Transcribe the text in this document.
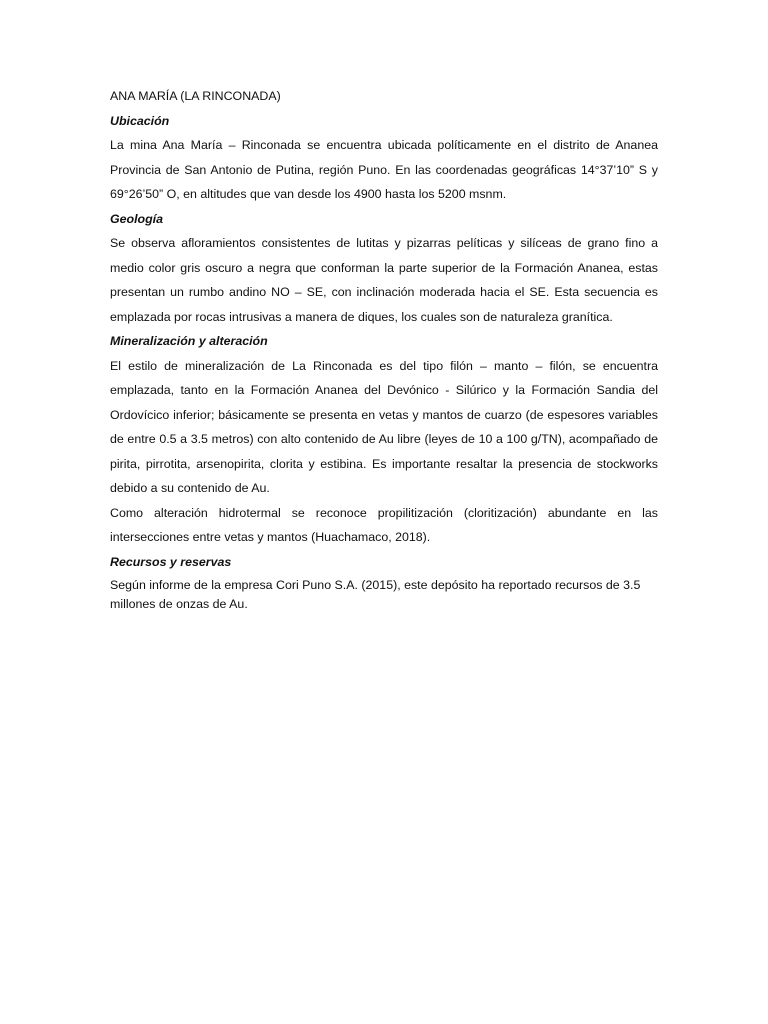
ANA MARÍA (LA RINCONADA)

Ubicación

La mina Ana María – Rinconada se encuentra ubicada políticamente en el distrito de Ananea Provincia de San Antonio de Putina, región Puno. En las coordenadas geográficas 14°37’10” S y 69°26’50” O, en altitudes que van desde los 4900 hasta los 5200 msnm.

Geología

Se observa afloramientos consistentes de lutitas y pizarras pelíticas y silíceas de grano fino a medio color gris oscuro a negra que conforman la parte superior de la Formación Ananea, estas presentan un rumbo andino NO – SE, con inclinación moderada hacia el SE. Esta secuencia es emplazada por rocas intrusivas a manera de diques, los cuales son de naturaleza granítica.

Mineralización y alteración

El estilo de mineralización de La Rinconada es del tipo filón – manto – filón, se encuentra emplazada, tanto en la Formación Ananea del Devónico - Silúrico y la Formación Sandia del Ordovícico inferior; básicamente se presenta en vetas y mantos de cuarzo (de espesores variables de entre 0.5 a 3.5 metros) con alto contenido de Au libre (leyes de 10 a 100 g/TN), acompañado de pirita, pirrotita, arsenopirita, clorita y estibina. Es importante resaltar la presencia de stockworks debido a su contenido de Au.

Como alteración hidrotermal se reconoce propilitización (cloritización) abundante en las intersecciones entre vetas y mantos (Huachamaco, 2018).

Recursos y reservas

Según informe de la empresa Cori Puno S.A. (2015), este depósito ha reportado recursos de 3.5 millones de onzas de Au.
